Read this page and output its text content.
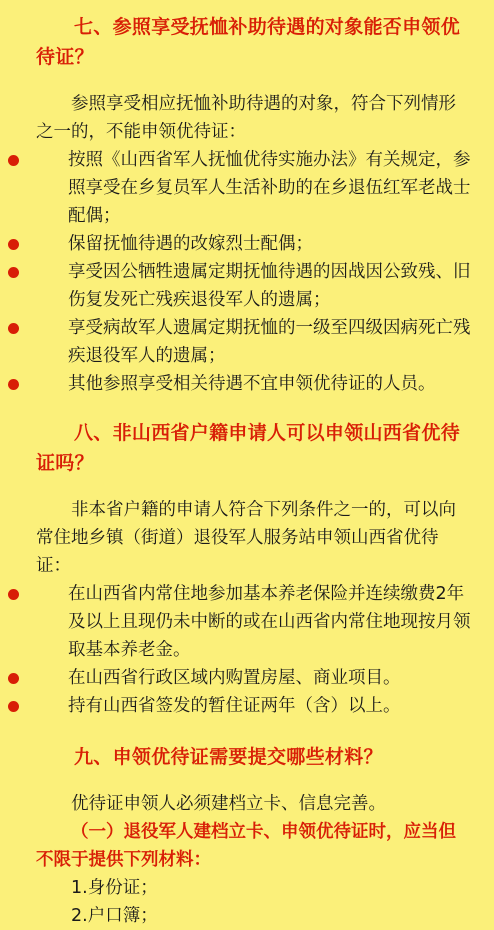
七、参照享受抚恤补助待遇的对象能否申领优待证？

参照享受相应抚恤补助待遇的对象，符合下列情形之一的，不能申领优待证：

按照《山西省军人抚恤优待实施办法》有关规定，参照享受在乡复员军人生活补助的在乡退伍红军老战士配偶；
保留抚恤待遇的改嫁烈士配偶；
享受因公牺牲遗属定期抚恤待遇的因战因公致残、旧伤复发死亡残疾退役军人的遗属；
享受病故军人遗属定期抚恤的一级至四级因病死亡残疾退役军人的遗属；
其他参照享受相关待遇不宜申领优待证的人员。
八、非山西省户籍申请人可以申领山西省优待证吗？

非本省户籍的申请人符合下列条件之一的，可以向常住地乡镇（街道）退役军人服务站申领山西省优待证：

在山西省内常住地参加基本养老保险并连续缴费2年及以上且现仍未中断的或在山西省内常住地现按月领取基本养老金。
在山西省行政区域内购置房屋、商业项目。
持有山西省签发的暂住证两年（含）以上。
九、申领优待证需要提交哪些材料？

优待证申领人必须建档立卡、信息完善。

（一）退役军人建档立卡、申领优待证时，应当但不限于提供下列材料：

1.身份证；
2.户口簿；
